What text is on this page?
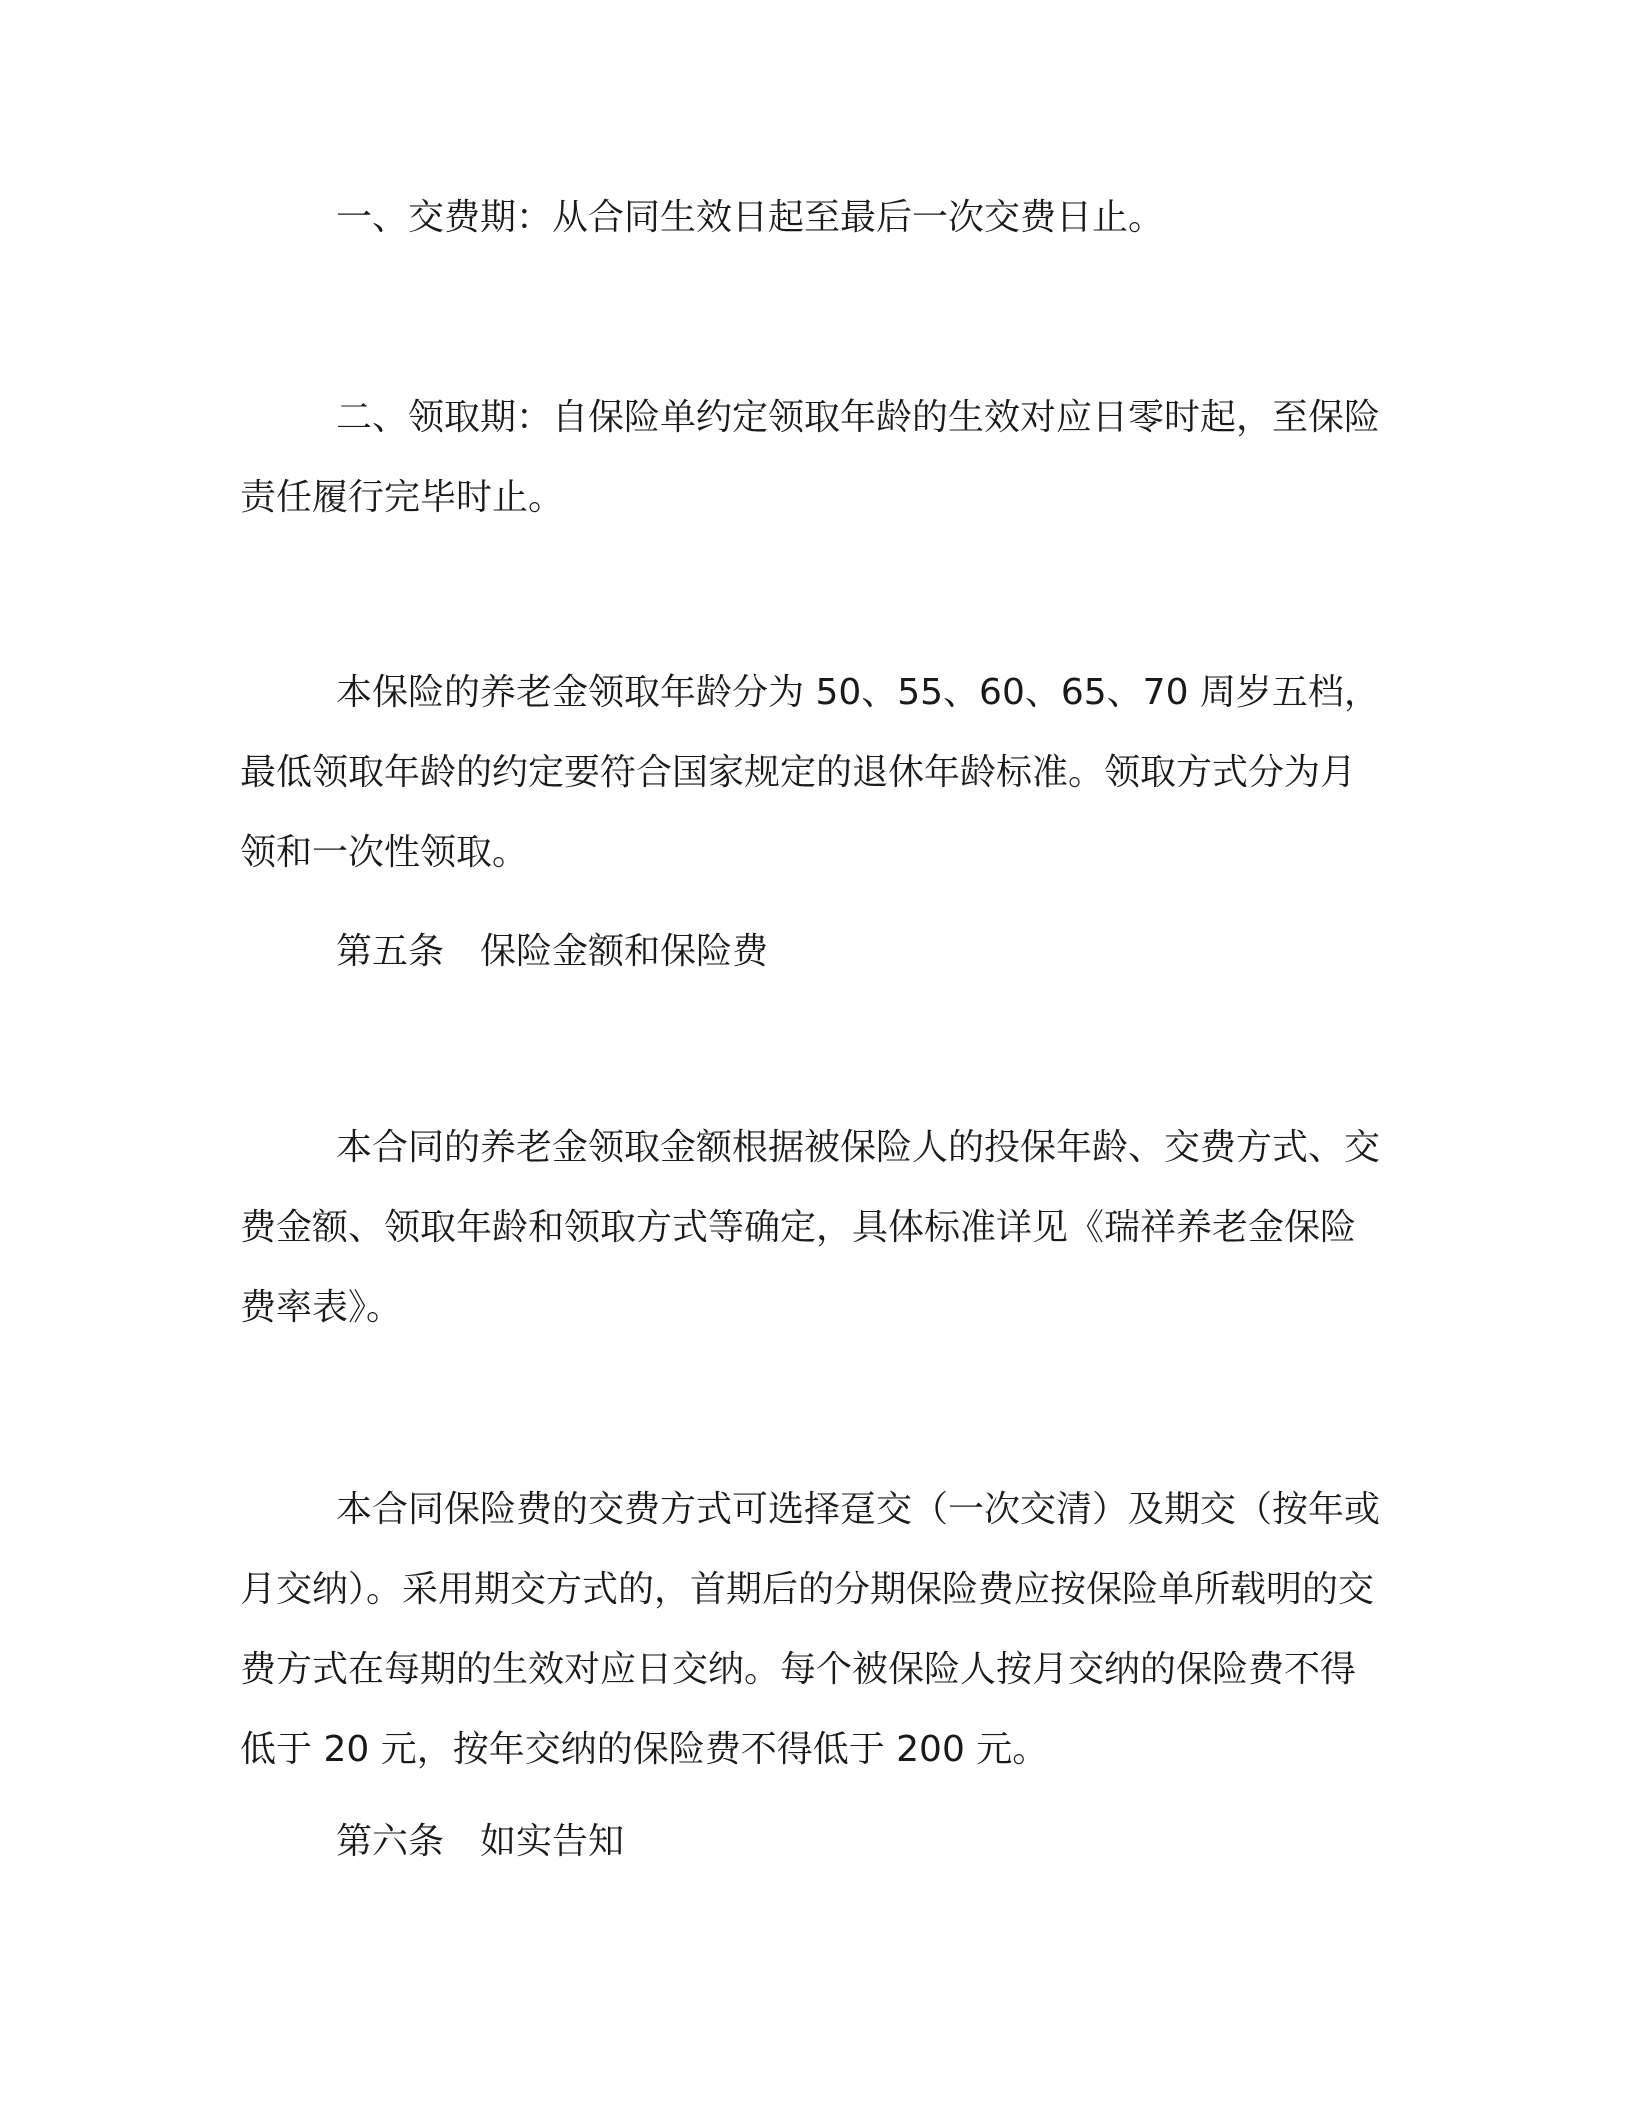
一、交费期：从合同生效日起至最后一次交费日止。

二、领取期：自保险单约定领取年龄的生效对应日零时起，至保险责任履行完毕时止。

本保险的养老金领取年龄分为 50、55、60、65、70 周岁五档，最低领取年龄的约定要符合国家规定的退休年龄标准。领取方式分为月领和一次性领取。

第五条　保险金额和保险费

本合同的养老金领取金额根据被保险人的投保年龄、交费方式、交费金额、领取年龄和领取方式等确定，具体标准详见《瑞祥养老金保险费率表》。

本合同保险费的交费方式可选择趸交（一次交清）及期交（按年或月交纳）。采用期交方式的，首期后的分期保险费应按保险单所载明的交费方式在每期的生效对应日交纳。每个被保险人按月交纳的保险费不得低于 20 元，按年交纳的保险费不得低于 200 元。

第六条　如实告知
